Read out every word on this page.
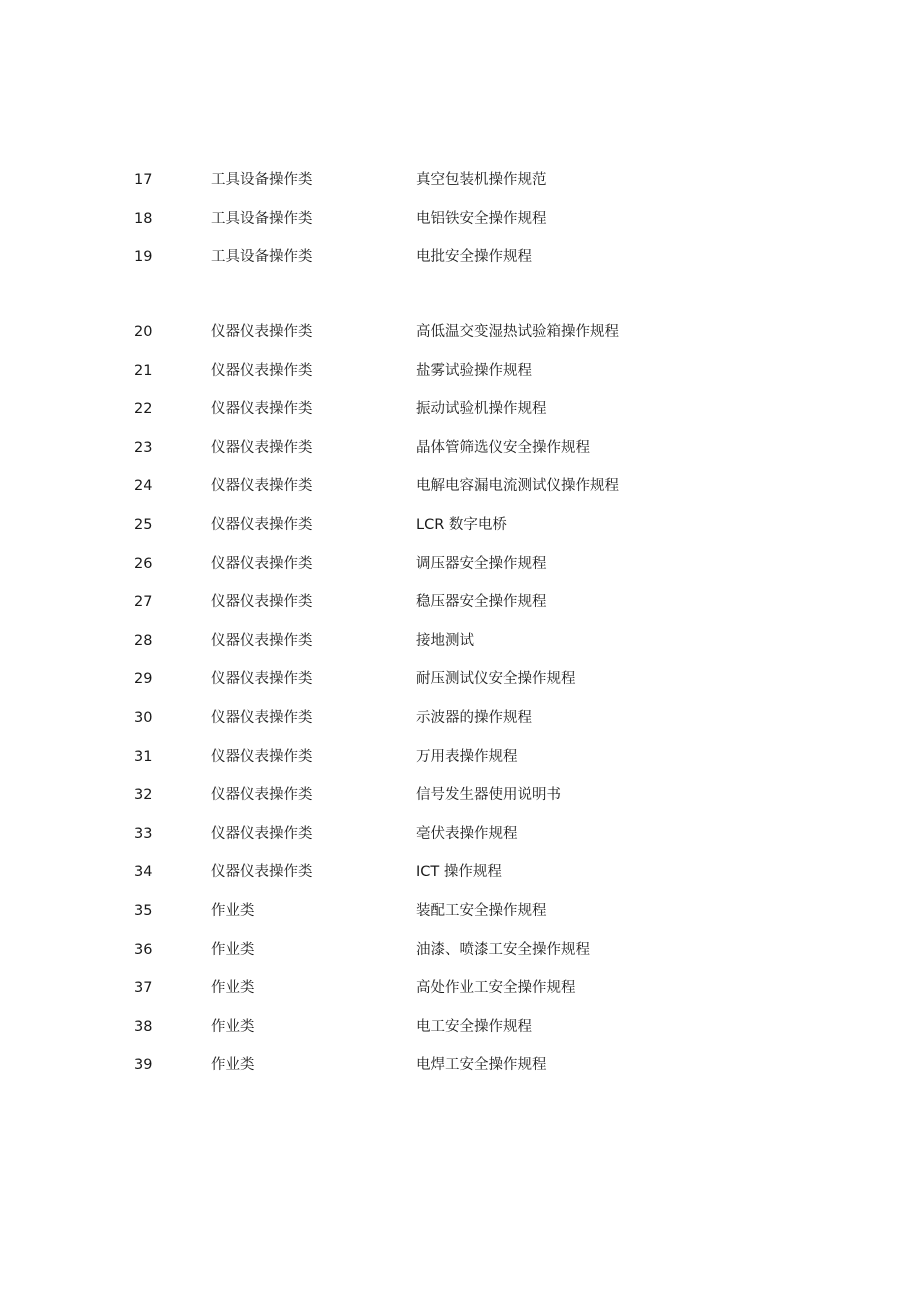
17	工具设备操作类	真空包装机操作规范
18	工具设备操作类	电铝铁安全操作规程
19	工具设备操作类	电批安全操作规程
20	仪器仪表操作类	高低温交变湿热试验箱操作规程
21	仪器仪表操作类	盐雾试验操作规程
22	仪器仪表操作类	振动试验机操作规程
23	仪器仪表操作类	晶体管筛选仪安全操作规程
24	仪器仪表操作类	电解电容漏电流测试仪操作规程
25	仪器仪表操作类	LCR 数字电桥
26	仪器仪表操作类	调压器安全操作规程
27	仪器仪表操作类	稳压器安全操作规程
28	仪器仪表操作类	接地测试
29	仪器仪表操作类	耐压测试仪安全操作规程
30	仪器仪表操作类	示波器的操作规程
31	仪器仪表操作类	万用表操作规程
32	仪器仪表操作类	信号发生器使用说明书
33	仪器仪表操作类	亳伏表操作规程
34	仪器仪表操作类	ICT 操作规程
35	作业类	装配工安全操作规程
36	作业类	油漆、喷漆工安全操作规程
37	作业类	高处作业工安全操作规程
38	作业类	电工安全操作规程
39	作业类	电焊工安全操作规程
